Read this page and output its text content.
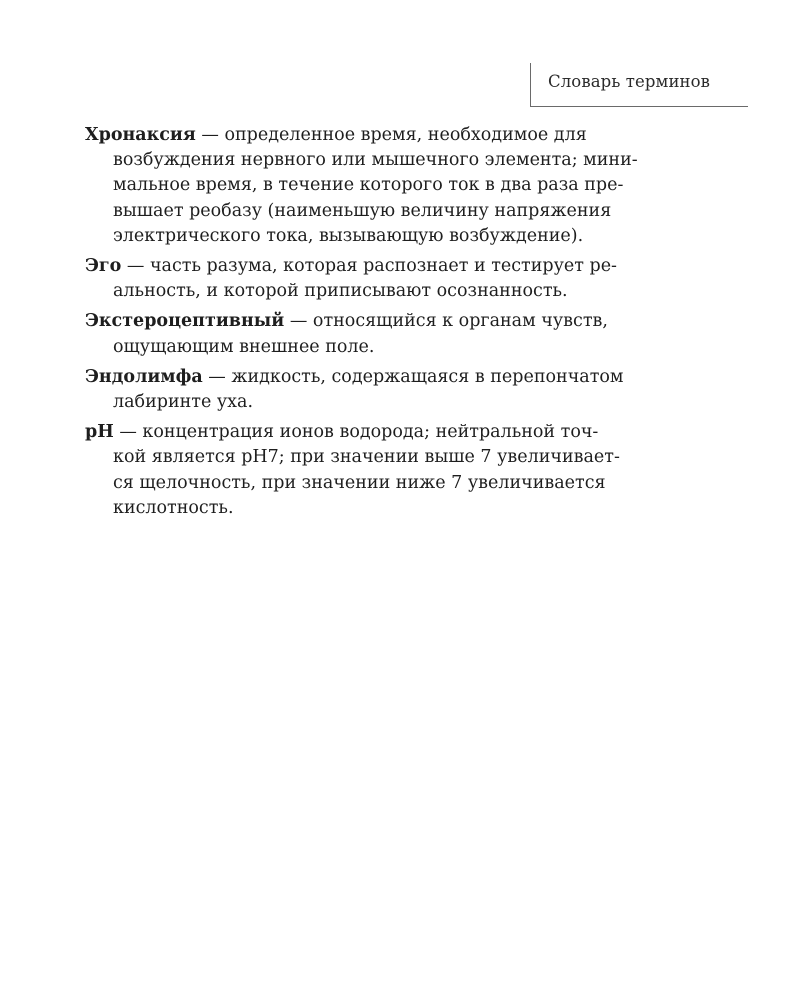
Словарь терминов
Хронаксия — определенное время, необходимое для
возбуждения нервного или мышечного элемента; мини-
мальное время, в течение которого ток в два раза пре-
вышает реобазу (наименьшую величину напряжения
электрического тока, вызывающую возбуждение).
Эго — часть разума, которая распознает и тестирует ре-
альность, и которой приписывают осознанность.
Экстероцептивный — относящийся к органам чувств,
ощущающим внешнее поле.
Эндолимфа — жидкость, содержащаяся в перепончатом
лабиринте уха.
pH — концентрация ионов водорода; нейтральной точ-
кой является pH7; при значении выше 7 увеличивает-
ся щелочность, при значении ниже 7 увеличивается
кислотность.
